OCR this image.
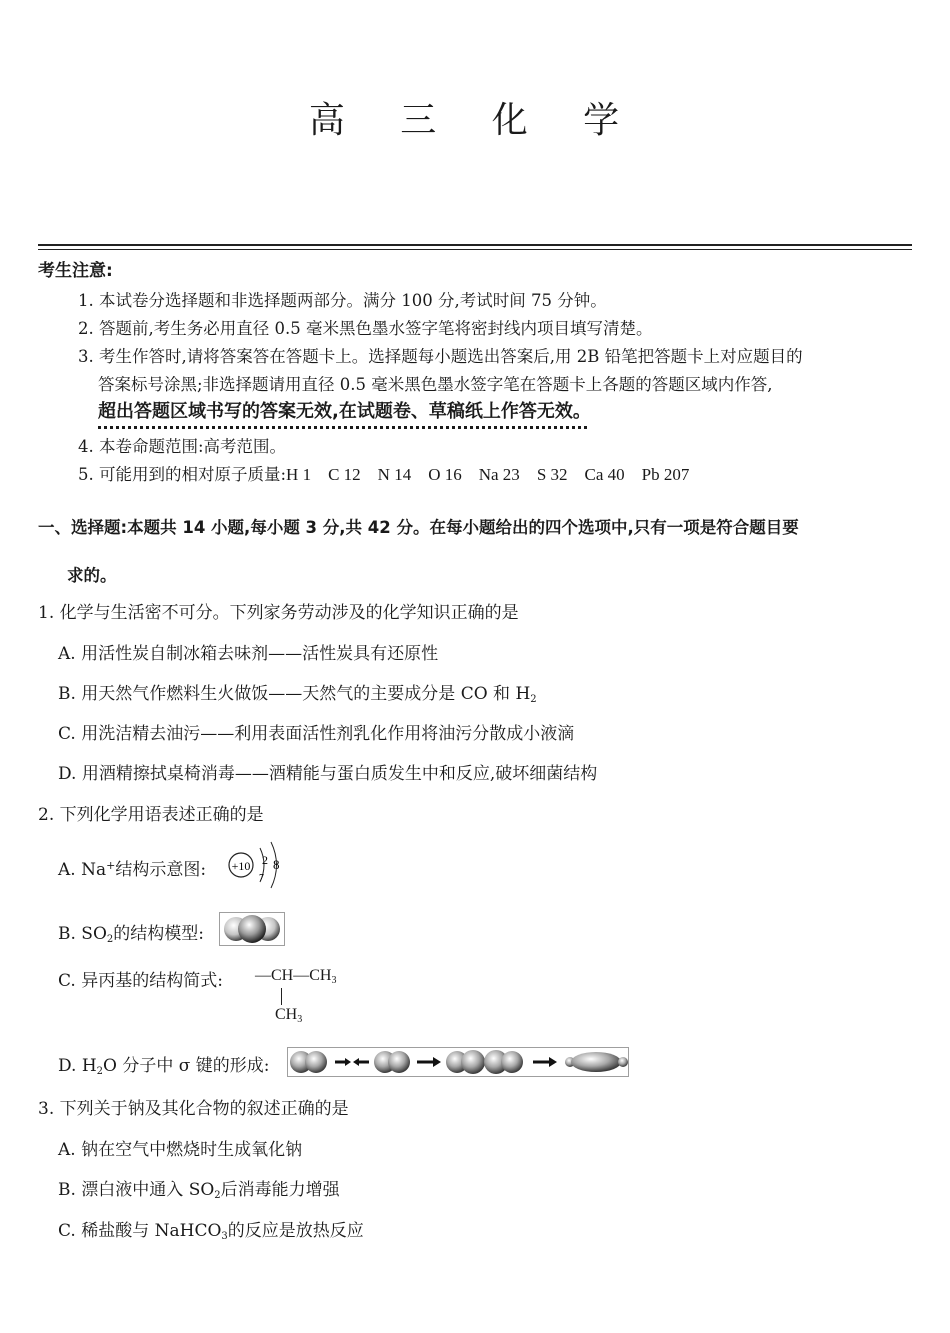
高 三 化 学
考生注意:
1. 本试卷分选择题和非选择题两部分。满分 100 分,考试时间 75 分钟。
2. 答题前,考生务必用直径 0.5 毫米黑色墨水签字笔将密封线内项目填写清楚。
3. 考生作答时,请将答案答在答题卡上。选择题每小题选出答案后,用 2B 铅笔把答题卡上对应题目的
答案标号涂黑;非选择题请用直径 0.5 毫米黑色墨水签字笔在答题卡上各题的答题区域内作答,
超出答题区域书写的答案无效,在试题卷、草稿纸上作答无效。
4. 本卷命题范围:高考范围。
5. 可能用到的相对原子质量:H 1 C 12 N 14 O 16 Na 23 S 32 Ca 40 Pb 207
一、选择题:本题共 14 小题,每小题 3 分,共 42 分。在每小题给出的四个选项中,只有一项是符合题目要
求的。
1. 化学与生活密不可分。下列家务劳动涉及的化学知识正确的是
A. 用活性炭自制冰箱去味剂——活性炭具有还原性
B. 用天然气作燃料生火做饭——天然气的主要成分是 CO 和 $H_2$
C. 用洗洁精去油污——利用表面活性剂乳化作用将油污分散成小液滴
D. 用酒精擦拭桌椅消毒——酒精能与蛋白质发生中和反应,破坏细菌结构
2. 下列化学用语表述正确的是
A. Na+结构示意图: +10 2 8
7
B. $SO_2$的结构模型:
C. 异丙基的结构简式: $—CH—CH_3$
$CH_3$
D. $H_2O$ 分子中 σ 键的形成:
3. 下列关于钠及其化合物的叙述正确的是
A. 钠在空气中燃烧时生成氧化钠
B. 漂白液中通入 $SO_2$后消毒能力增强
C. 稀盐酸与 NaHCO$_3$的反应是放热反应
